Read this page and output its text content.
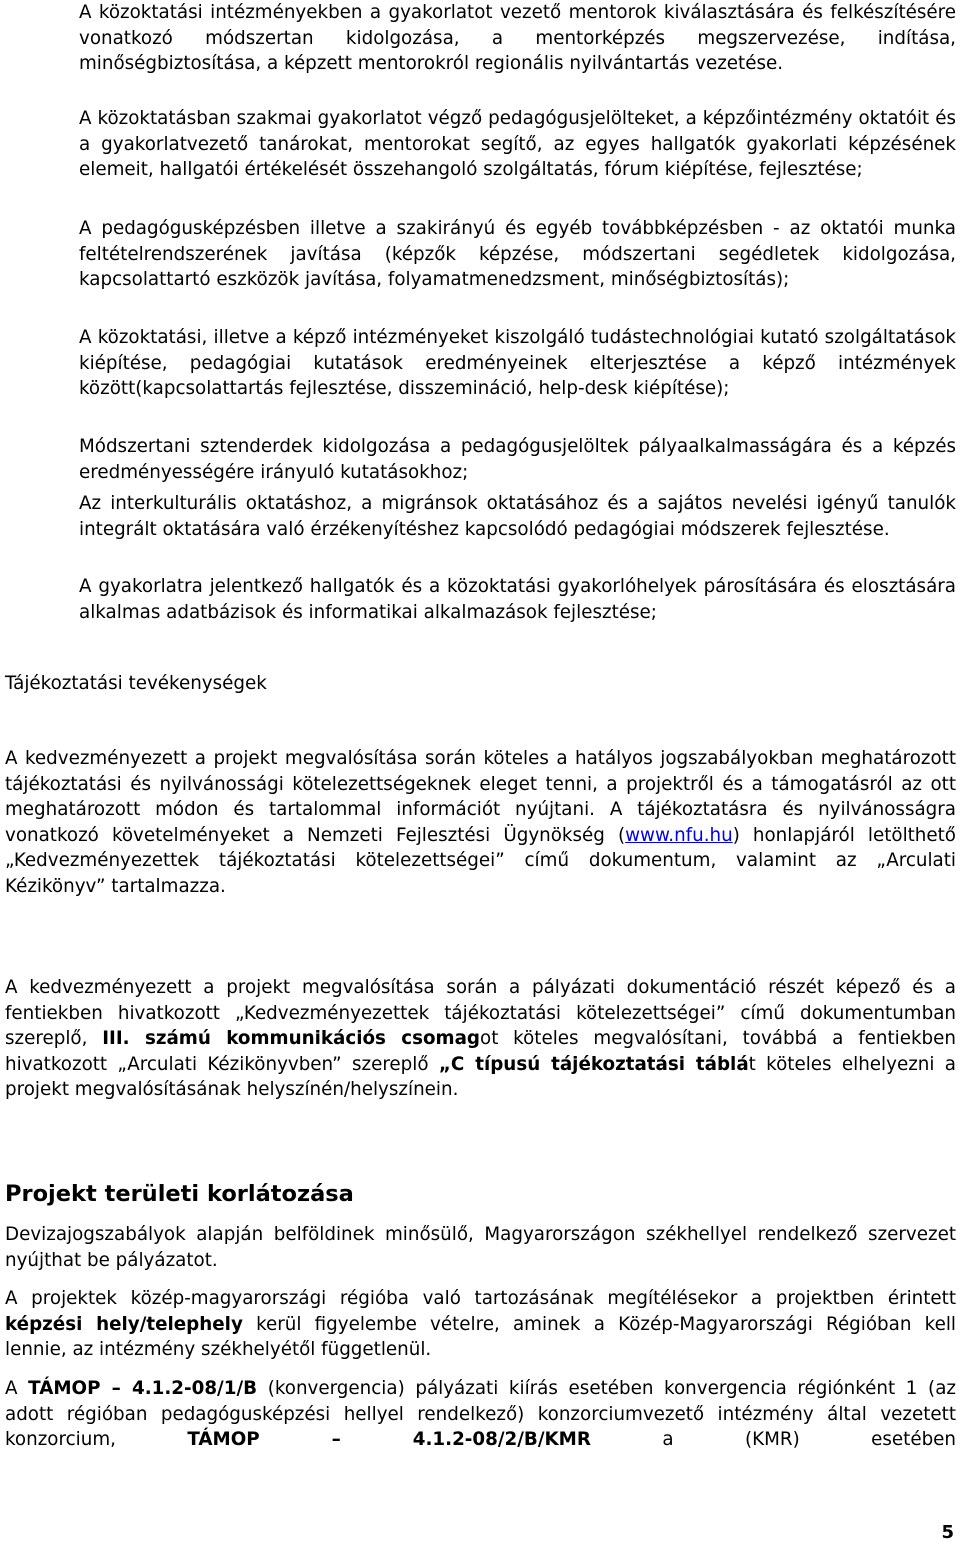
A közoktatási intézményekben a gyakorlatot vezető mentorok kiválasztására és felkészítésére vonatkozó módszertan kidolgozása, a mentorképzés megszervezése, indítása, minőségbiztosítása, a képzett mentorokról regionális nyilvántartás vezetése.
A közoktatásban szakmai gyakorlatot végző pedagógusjelölteket, a képzőintézmény oktatóit és a gyakorlatvezető tanárokat, mentorokat segítő, az egyes hallgatók gyakorlati képzésének elemeit, hallgatói értékelését összehangoló szolgáltatás, fórum kiépítése, fejlesztése;
A pedagógusképzésben illetve a szakirányú és egyéb továbbképzésben - az oktatói munka feltételrendszerének javítása (képzők képzése, módszertani segédletek kidolgozása, kapcsolattartó eszközök javítása, folyamatmenedzsment, minőségbiztosítás);
A közoktatási, illetve a képző intézményeket kiszolgáló tudástechnológiai kutató szolgáltatások kiépítése, pedagógiai kutatások eredményeinek elterjesztése a képző intézmények között(kapcsolattartás fejlesztése, disszemináció, help-desk kiépítése);
Módszertani sztenderdek kidolgozása a pedagógusjelöltek pályaalkalmasságára és a képzés eredményességére irányuló kutatásokhoz;
Az interkulturális oktatáshoz, a migránsok oktatásához és a sajátos nevelési igényű tanulók integrált oktatására való érzékenyítéshez kapcsolódó pedagógiai módszerek fejlesztése.
A gyakorlatra jelentkező hallgatók és a közoktatási gyakorlóhelyek párosítására és elosztására alkalmas adatbázisok és informatikai alkalmazások fejlesztése;
Tájékoztatási tevékenységek

A kedvezményezett a projekt megvalósítása során köteles a hatályos jogszabályokban meghatározott tájékoztatási és nyilvánossági kötelezettségeknek eleget tenni, a projektről és a támogatásról az ott meghatározott módon és tartalommal információt nyújtani. A tájékoztatásra és nyilvánosságra vonatkozó követelményeket a Nemzeti Fejlesztési Ügynökség (www.nfu.hu) honlapjáról letölthető „Kedvezményezettek tájékoztatási kötelezettségei” című dokumentum, valamint az „Arculati Kézikönyv” tartalmazza.

A kedvezményezett a projekt megvalósítása során a pályázati dokumentáció részét képező és a fentiekben hivatkozott „Kedvezményezettek tájékoztatási kötelezettségei” című dokumentumban szereplő, III. számú kommunikációs csomagot köteles megvalósítani, továbbá a fentiekben hivatkozott „Arculati Kézikönyvben” szereplő „C típusú tájékoztatási táblát köteles elhelyezni a projekt megvalósításának helyszínén/helyszínein.

Projekt területi korlátozása

Devizajogszabályok alapján belföldinek minősülő, Magyarországon székhellyel rendelkező szervezet nyújthat be pályázatot.

A projektek közép-magyarországi régióba való tartozásának megítélésekor a projektben érintett képzési hely/telephely kerül figyelembe vételre, aminek a Közép-Magyarországi Régióban kell lennie, az intézmény székhelyétől függetlenül.

A TÁMOP – 4.1.2-08/1/B (konvergencia) pályázati kiírás esetében konvergencia régiónként 1 (az adott régióban pedagógusképzési hellyel rendelkező) konzorciumvezető intézmény által vezetett konzorcium, TÁMOP – 4.1.2-08/2/B/KMR a (KMR) esetében

5
